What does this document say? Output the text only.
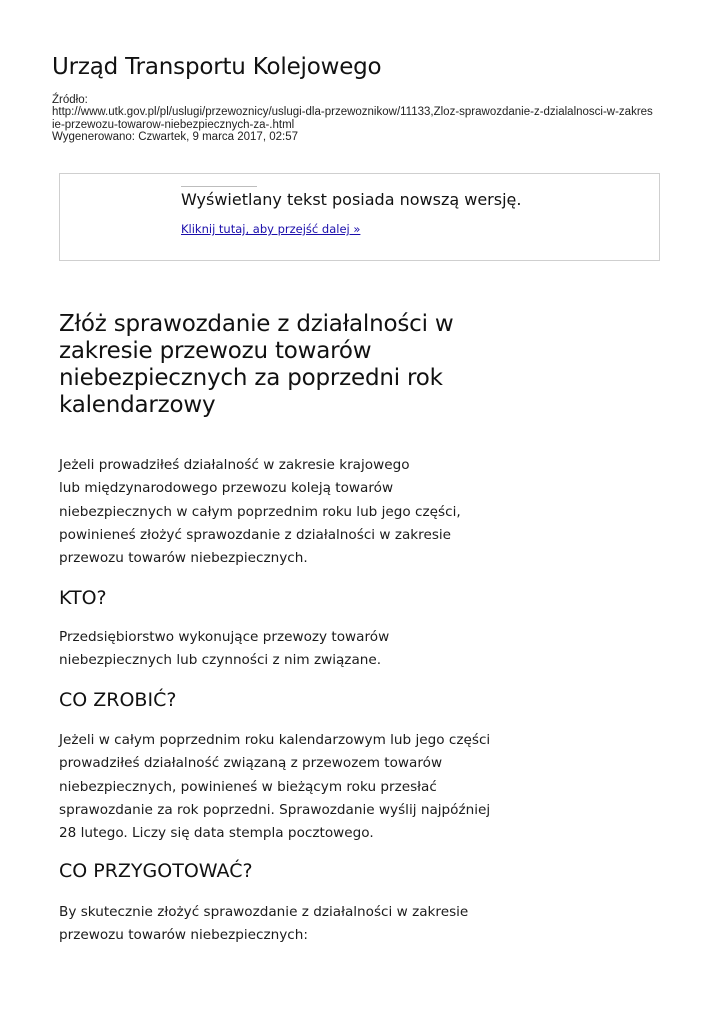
Urząd Transportu Kolejowego
Źródło:
http://www.utk.gov.pl/pl/uslugi/przewoznicy/uslugi-dla-przewoznikow/11133,Zloz-sprawozdanie-z-dzialalnosci-w-zakres
ie-przewozu-towarow-niebezpiecznych-za-.html
Wygenerowano: Czwartek, 9 marca 2017, 02:57
Wyświetlany tekst posiada nowszą wersję.
Kliknij tutaj, aby przejść dalej »
Złóż sprawozdanie z działalności w zakresie przewozu towarów niebezpiecznych za poprzedni rok kalendarzowy

Jeżeli prowadziłeś działalność w zakresie krajowego
lub międzynarodowego przewozu koleją towarów
niebezpiecznych w całym poprzednim roku lub jego części,
powinieneś złożyć sprawozdanie z działalności w zakresie
przewozu towarów niebezpiecznych.

KTO?

Przedsiębiorstwo wykonujące przewozy towarów
niebezpiecznych lub czynności z nim związane.

CO ZROBIĆ?

Jeżeli w całym poprzednim roku kalendarzowym lub jego części
prowadziłeś działalność związaną z przewozem towarów
niebezpiecznych, powinieneś w bieżącym roku przesłać
sprawozdanie za rok poprzedni. Sprawozdanie wyślij najpóźniej
28 lutego. Liczy się data stempla pocztowego.

CO PRZYGOTOWAĆ?

By skutecznie złożyć sprawozdanie z działalności w zakresie
przewozu towarów niebezpiecznych:
